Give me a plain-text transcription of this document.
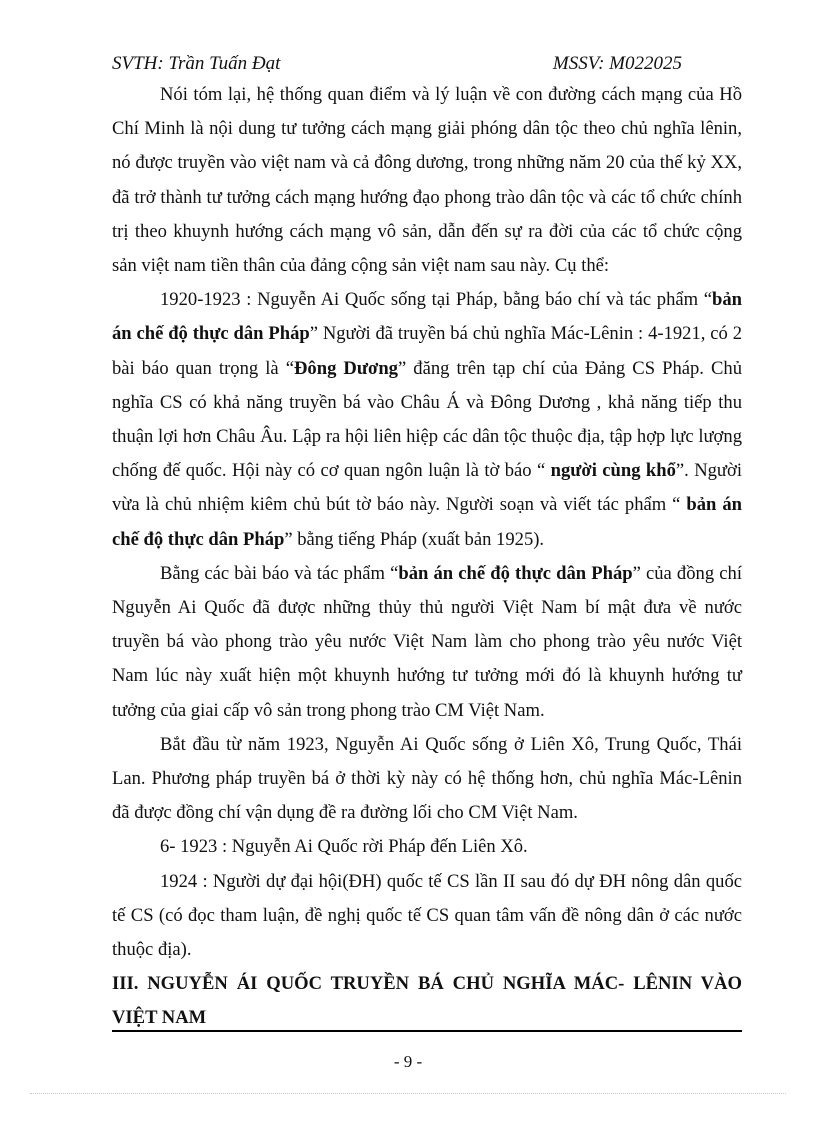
SVTH: Trần Tuấn Đạt	MSSV: M022025

Nói tóm lại, hệ thống quan điểm và lý luận về con đường cách mạng của Hồ Chí Minh là nội dung tư tưởng cách mạng giải phóng dân tộc theo chủ nghĩa lênin, nó được truyền vào việt nam và cả đông dương, trong những năm 20 của thế kỷ XX, đã trở thành tư tưởng cách mạng hướng đạo phong trào dân tộc và các tổ chức chính trị theo khuynh hướng cách mạng vô sản, dẫn đến sự ra đời của các tổ chức cộng sản việt nam tiền thân của đảng cộng sản việt nam sau này. Cụ thể:

1920-1923 : Nguyễn Ai Quốc sống tại Pháp, bằng báo chí và tác phẩm “bản án chế độ thực dân Pháp” Người đã truyền bá chủ nghĩa Mác-Lênin : 4-1921, có 2 bài báo quan trọng là “Đông Dương” đăng trên tạp chí của Đảng CS Pháp. Chủ nghĩa CS có khả năng truyền bá vào Châu Á và Đông Dương , khả năng tiếp thu thuận lợi hơn Châu Âu. Lập ra hội liên hiệp các dân tộc thuộc địa, tập hợp lực lượng chống đế quốc. Hội này có cơ quan ngôn luận là tờ báo “ người cùng khổ”. Người vừa là chủ nhiệm kiêm chủ bút tờ báo này. Người soạn và viết tác phẩm “ bản án chế độ thực dân Pháp” bằng tiếng Pháp (xuất bản 1925).

Bằng các bài báo và tác phẩm “bản án chế độ thực dân Pháp” của đồng chí Nguyễn Ai Quốc đã được những thủy thủ người Việt Nam bí mật đưa về nước truyền bá vào phong trào yêu nước Việt Nam làm cho phong trào yêu nước Việt Nam lúc này xuất hiện một khuynh hướng tư tưởng mới đó là khuynh hướng tư tưởng của giai cấp vô sản trong phong trào CM Việt Nam.

Bắt đầu từ năm 1923, Nguyễn Ai Quốc sống ở Liên Xô, Trung Quốc, Thái Lan. Phương pháp truyền bá ở thời kỳ này có hệ thống hơn, chủ nghĩa Mác-Lênin đã được đồng chí vận dụng đề ra đường lối cho CM Việt Nam.

6- 1923 : Nguyễn Ai Quốc rời Pháp đến Liên Xô.

1924 : Người dự đại hội(ĐH) quốc tế CS lần II sau đó dự ĐH nông dân quốc tế CS (có đọc tham luận, đề nghị quốc tế CS quan tâm vấn đề nông dân ở các nước thuộc địa).

III. NGUYỄN ÁI QUỐC TRUYỀN BÁ CHỦ NGHĨA MÁC- LÊNIN VÀO VIỆT NAM

- 9 -
